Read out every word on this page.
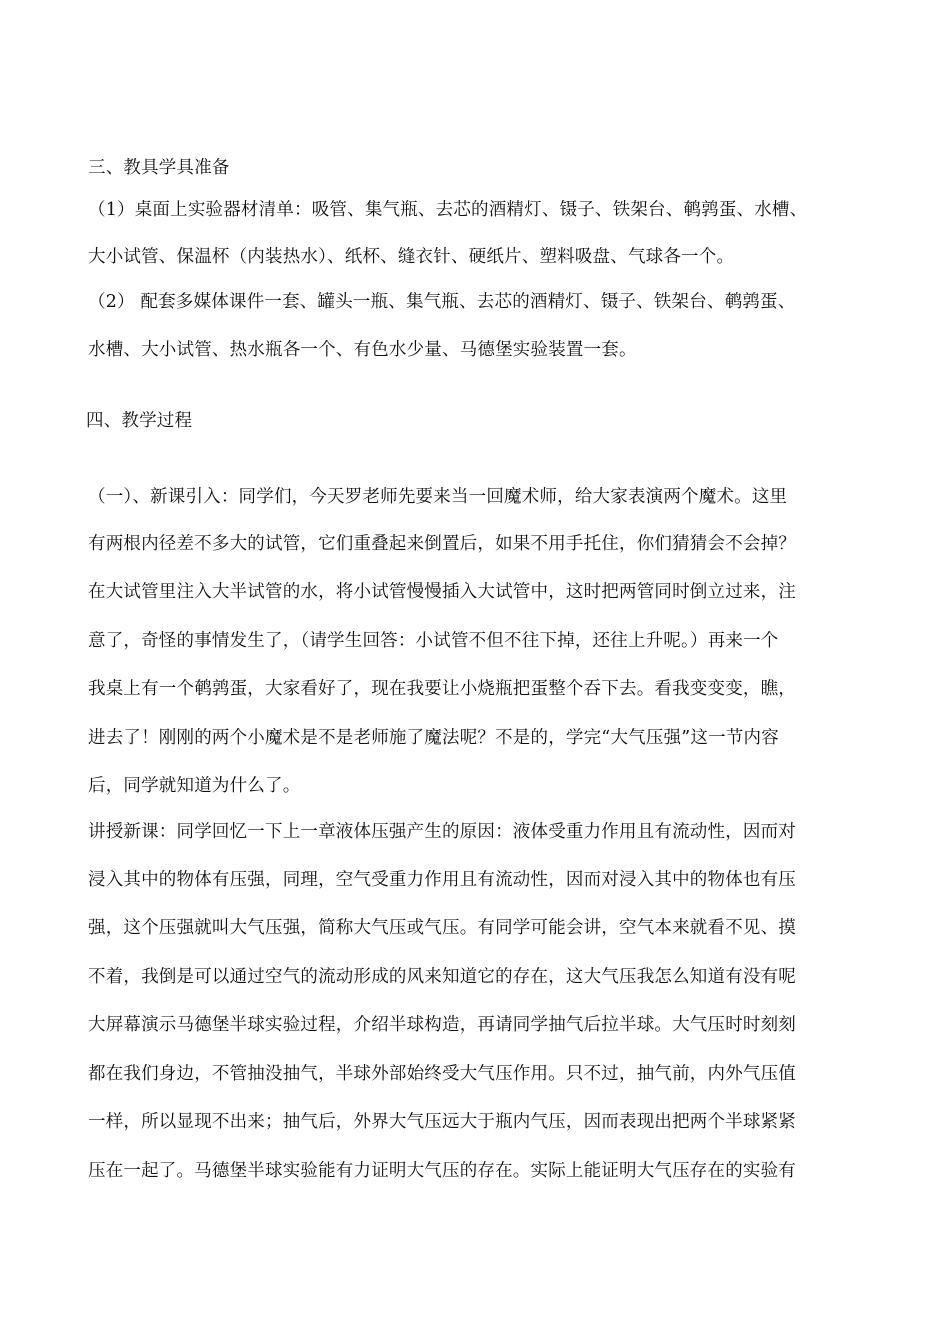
三、教具学具准备
（1）桌面上实验器材清单：吸管、集气瓶、去芯的酒精灯、镊子、铁架台、鹌鹑蛋、水槽、
大小试管、保温杯（内装热水）、纸杯、缝衣针、硬纸片、塑料吸盘、气球各一个。
（2） 配套多媒体课件一套、罐头一瓶、集气瓶、去芯的酒精灯、镊子、铁架台、鹌鹑蛋、
水槽、大小试管、热水瓶各一个、有色水少量、马德堡实验装置一套。
四、教学过程
（一）、新课引入：同学们，今天罗老师先要来当一回魔术师，给大家表演两个魔术。这里
有两根内径差不多大的试管，它们重叠起来倒置后，如果不用手托住，你们猜猜会不会掉？
在大试管里注入大半试管的水，将小试管慢慢插入大试管中，这时把两管同时倒立过来，注
意了，奇怪的事情发生了，（请学生回答：小试管不但不往下掉，还往上升呢。）再来一个
我桌上有一个鹌鹑蛋，大家看好了，现在我要让小烧瓶把蛋整个吞下去。看我变变变，瞧，
进去了！刚刚的两个小魔术是不是老师施了魔法呢？不是的，学完“大气压强”这一节内容
后，同学就知道为什么了。
讲授新课：同学回忆一下上一章液体压强产生的原因：液体受重力作用且有流动性，因而对
浸入其中的物体有压强，同理，空气受重力作用且有流动性，因而对浸入其中的物体也有压
强，这个压强就叫大气压强，简称大气压或气压。有同学可能会讲，空气本来就看不见、摸
不着，我倒是可以通过空气的流动形成的风来知道它的存在，这大气压我怎么知道有没有呢
大屏幕演示马德堡半球实验过程，介绍半球构造，再请同学抽气后拉半球。大气压时时刻刻
都在我们身边，不管抽没抽气，半球外部始终受大气压作用。只不过，抽气前，内外气压值
一样，所以显现不出来；抽气后，外界大气压远大于瓶内气压，因而表现出把两个半球紧紧
压在一起了。马德堡半球实验能有力证明大气压的存在。实际上能证明大气压存在的实验有
